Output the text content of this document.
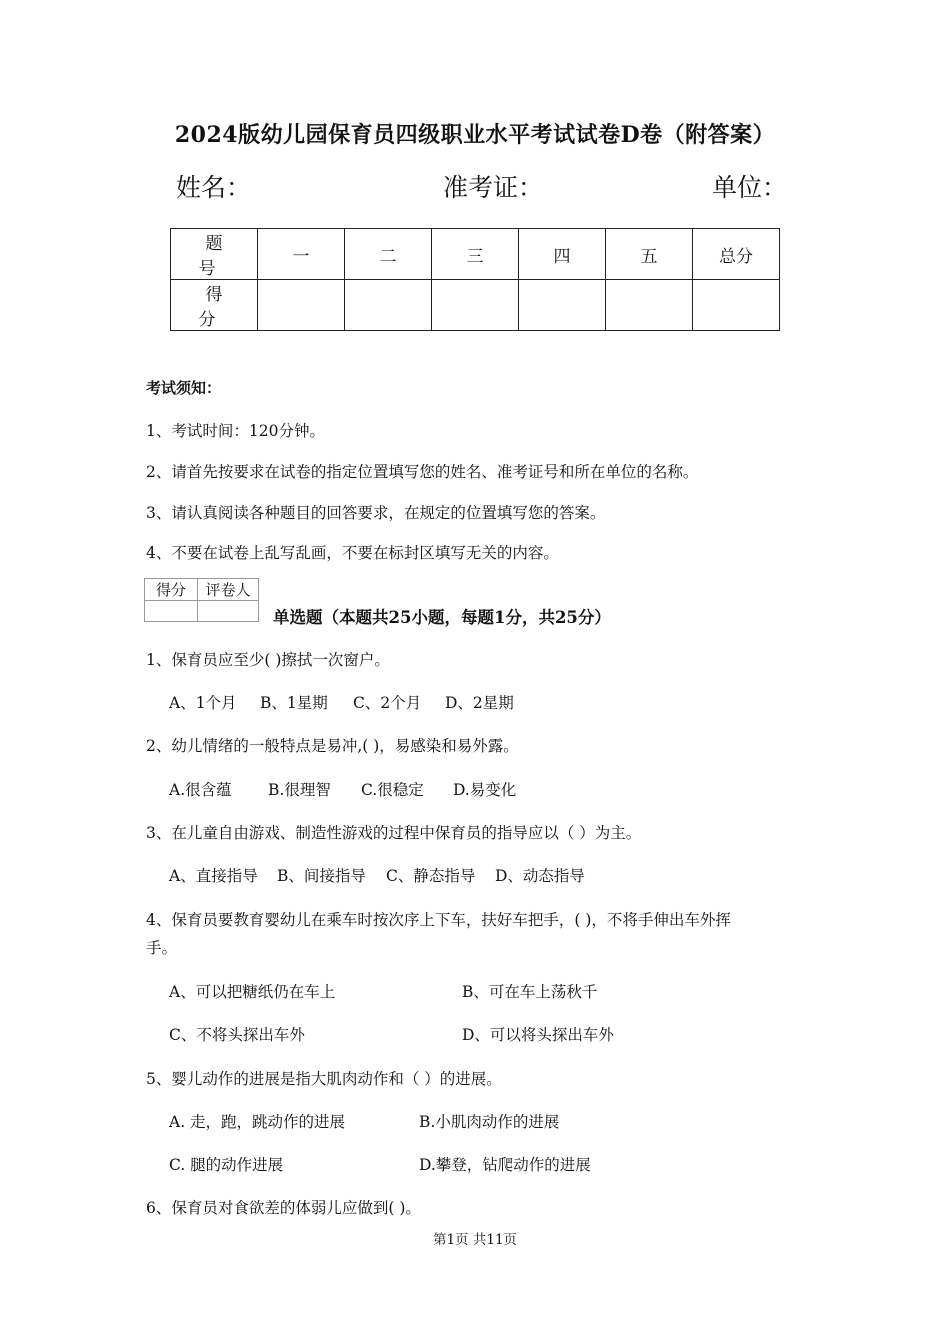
2024版幼儿园保育员四级职业水平考试试卷D卷（附答案）
姓名：	准考证：	单位：
题　号	一	二	三	四	五	总分
得　分						
考试须知：
1、考试时间：120分钟。
2、请首先按要求在试卷的指定位置填写您的姓名、准考证号和所在单位的名称。
3、请认真阅读各种题目的回答要求，在规定的位置填写您的答案。
4、不要在试卷上乱写乱画，不要在标封区填写无关的内容。
得分	评卷人

单选题（本题共25小题，每题1分，共25分）
1、保育员应至少( )擦拭一次窗户。
A、1个月 B、1星期 C、2个月 D、2星期
2、幼儿情绪的一般特点是易冲,( )，易感染和易外露。
A.很含蕴 B.很理智 C.很稳定 D.易变化
3、在儿童自由游戏、制造性游戏的过程中保育员的指导应以（ ）为主。
A、直接指导 B、间接指导 C、静态指导 D、动态指导
4、保育员要教育婴幼儿在乘车时按次序上下车，扶好车把手，( )，不将手伸出车外挥
手。
A、可以把糖纸仍在车上	B、可在车上荡秋千
C、不将头探出车外	D、可以将头探出车外
5、婴儿动作的进展是指大肌肉动作和（ ）的进展。
A. 走，跑，跳动作的进展	B.小肌肉动作的进展
C. 腿的动作进展	D.攀登，钻爬动作的进展
6、保育员对食欲差的体弱儿应做到( )。
第1页 共11页
